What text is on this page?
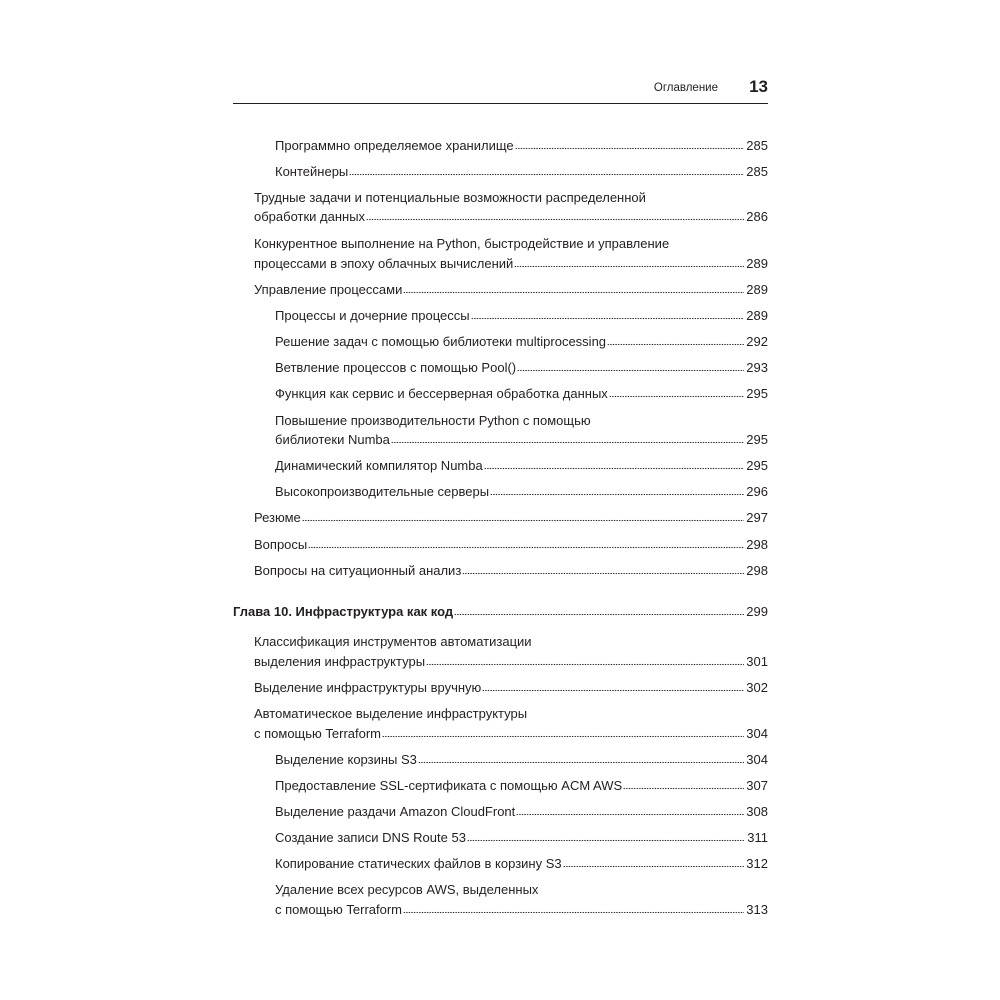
Оглавление 13
Программно определяемое хранилище	285
Контейнеры	285
Трудные задачи и потенциальные возможности распределенной
обработки данных	286
Конкурентное выполнение на Python, быстродействие и управление
процессами в эпоху облачных вычислений	289
Управление процессами	289
Процессы и дочерние процессы	289
Решение задач с помощью библиотеки multiprocessing	292
Ветвление процессов с помощью Pool()	293
Функция как сервис и бессерверная обработка данных	295
Повышение производительности Python с помощью
библиотеки Numba	295
Динамический компилятор Numba	295
Высокопроизводительные серверы	296
Резюме	297
Вопросы	298
Вопросы на ситуационный анализ	298
Глава 10. Инфраструктура как код	299
Классификация инструментов автоматизации
выделения инфраструктуры	301
Выделение инфраструктуры вручную	302
Автоматическое выделение инфраструктуры
с помощью Terraform	304
Выделение корзины S3	304
Предоставление SSL-сертификата с помощью ACM AWS	307
Выделение раздачи Amazon CloudFront	308
Создание записи DNS Route 53	311
Копирование статических файлов в корзину S3	312
Удаление всех ресурсов AWS, выделенных
с помощью Terraform	313
